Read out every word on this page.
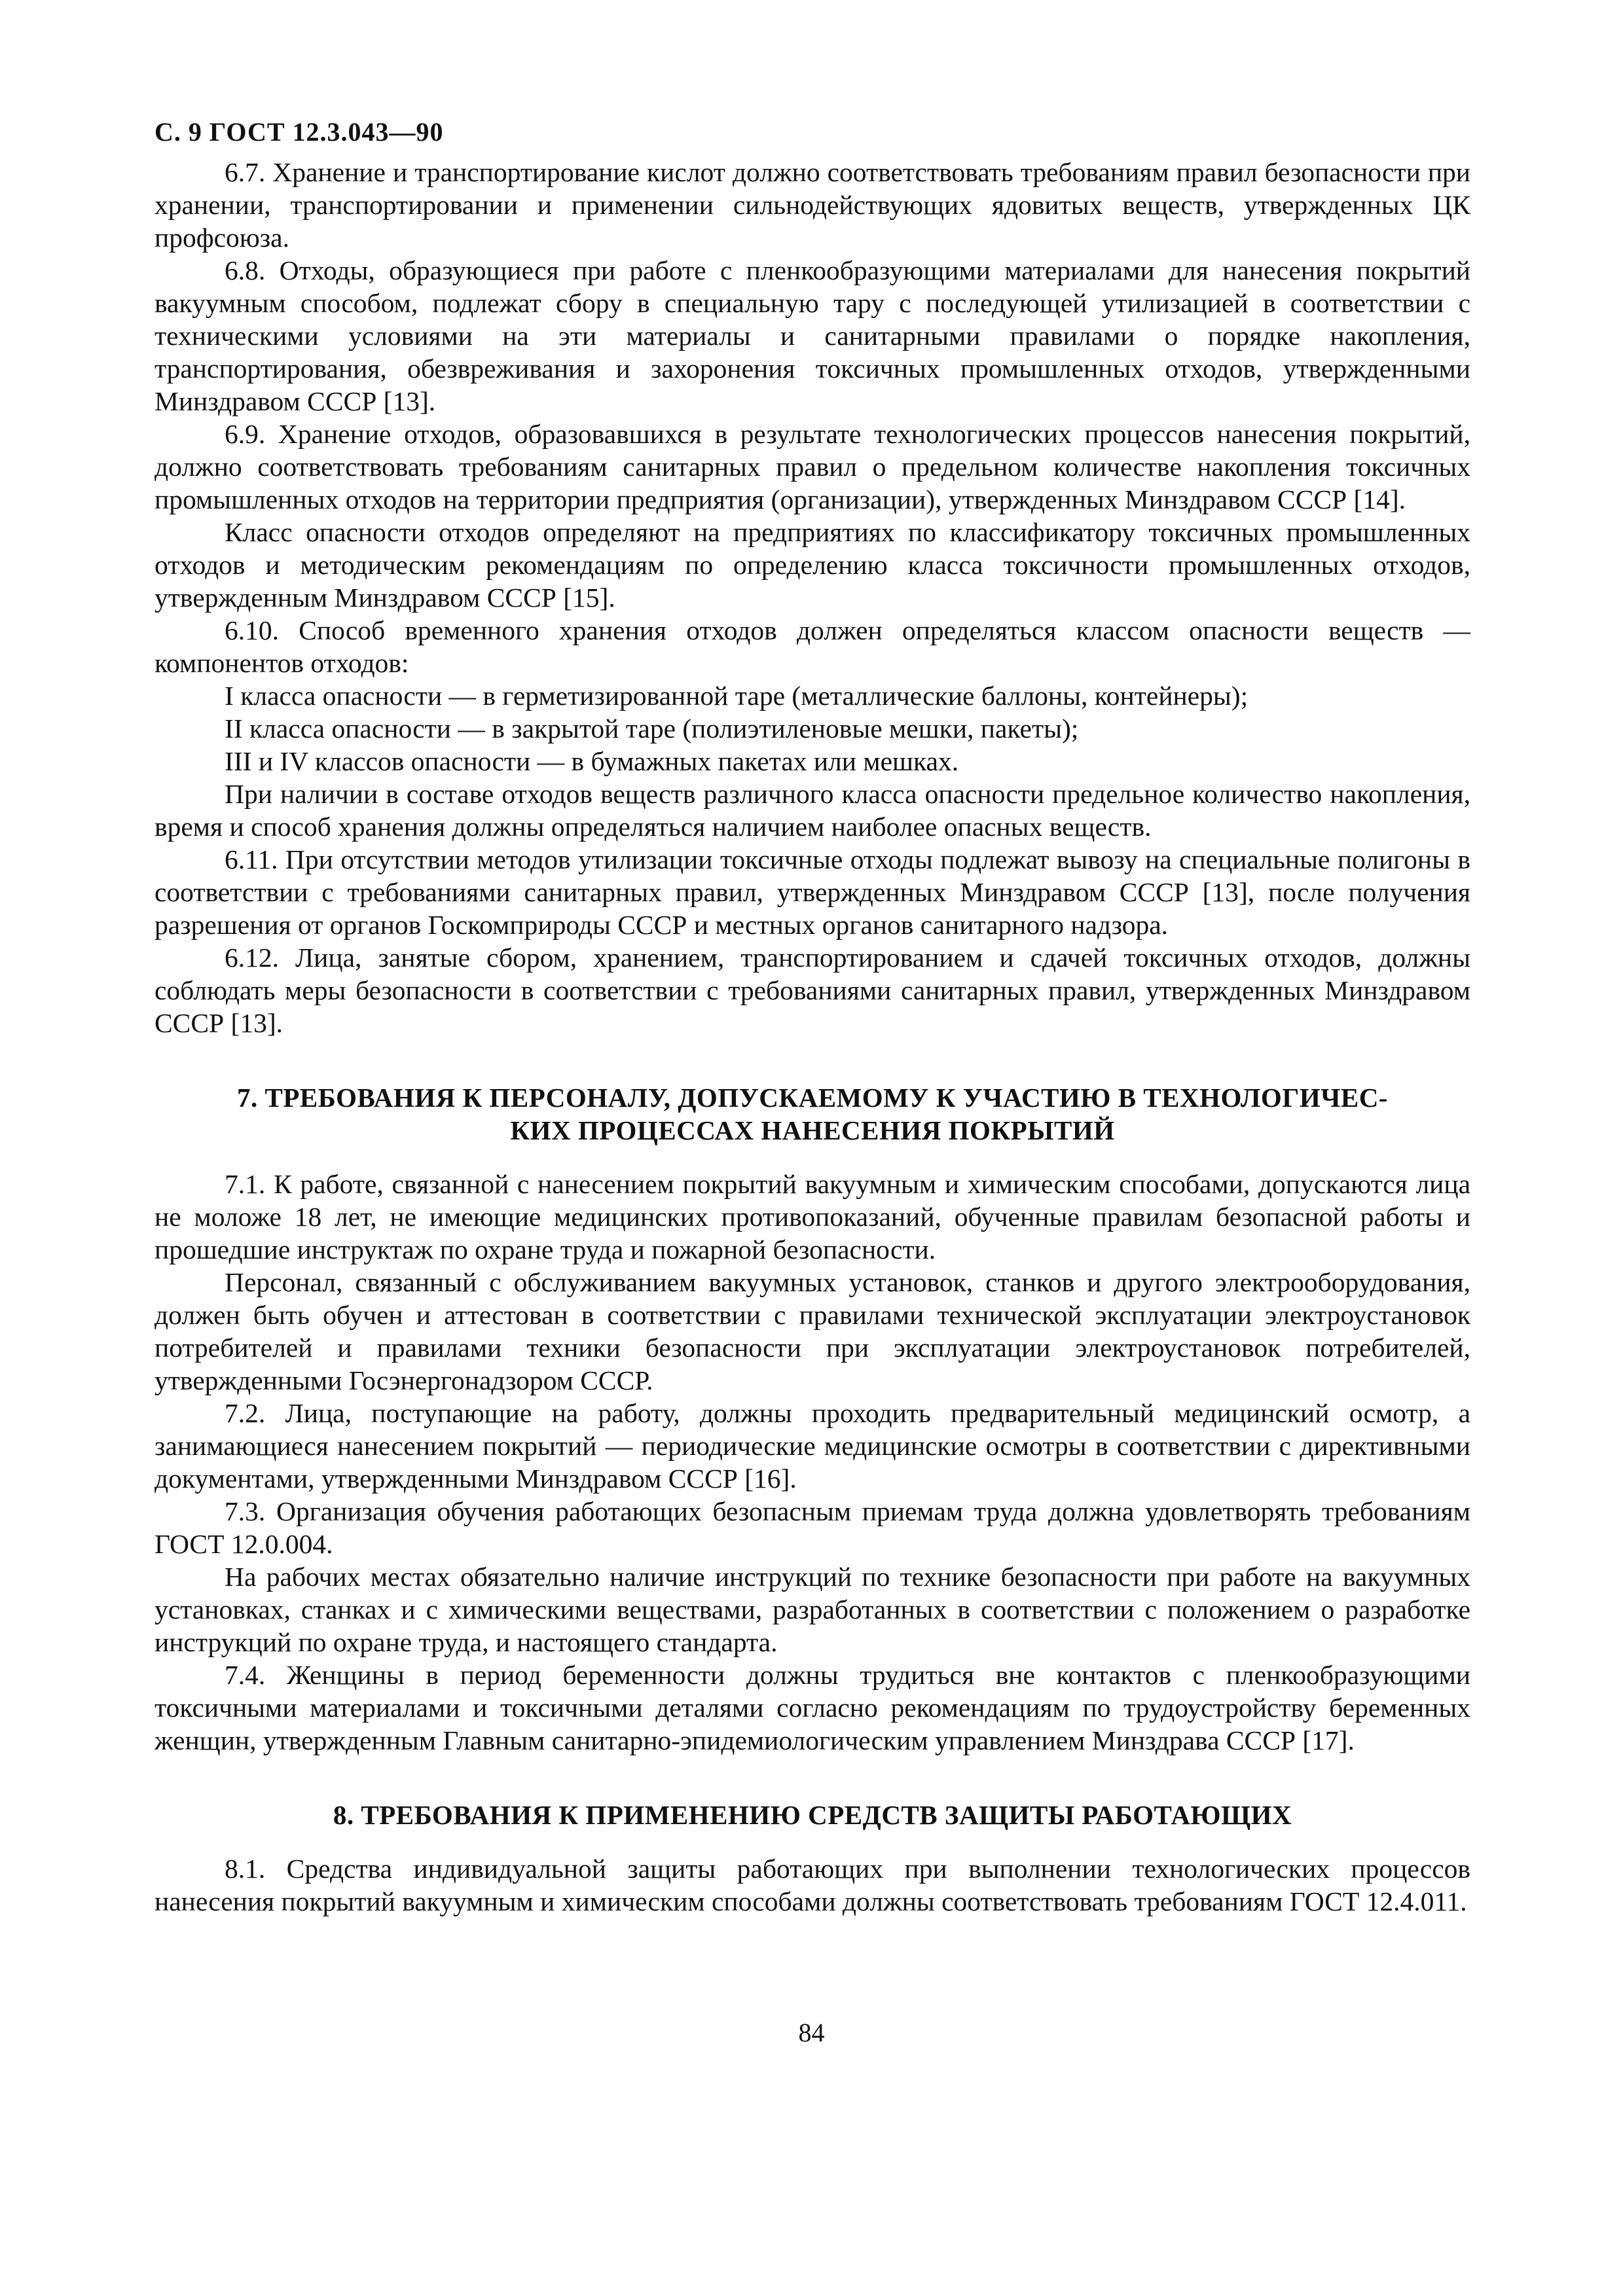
С. 9 ГОСТ 12.3.043—90

6.7. Хранение и транспортирование кислот должно соответствовать требованиям правил безопасности при хранении, транспортировании и применении сильнодействующих ядовитых веществ, утвержденных ЦК профсоюза.

6.8. Отходы, образующиеся при работе с пленкообразующими материалами для нанесения покрытий вакуумным способом, подлежат сбору в специальную тару с последующей утилизацией в соответствии с техническими условиями на эти материалы и санитарными правилами о порядке накопления, транспортирования, обезвреживания и захоронения токсичных промышленных отходов, утвержденными Минздравом СССР [13].

6.9. Хранение отходов, образовавшихся в результате технологических процессов нанесения покрытий, должно соответствовать требованиям санитарных правил о предельном количестве накопления токсичных промышленных отходов на территории предприятия (организации), утвержденных Минздравом СССР [14].

Класс опасности отходов определяют на предприятиях по классификатору токсичных промышленных отходов и методическим рекомендациям по определению класса токсичности промышленных отходов, утвержденным Минздравом СССР [15].

6.10. Способ временного хранения отходов должен определяться классом опасности веществ — компонентов отходов:

I класса опасности — в герметизированной таре (металлические баллоны, контейнеры);

II класса опасности — в закрытой таре (полиэтиленовые мешки, пакеты);

III и IV классов опасности — в бумажных пакетах или мешках.

При наличии в составе отходов веществ различного класса опасности предельное количество накопления, время и способ хранения должны определяться наличием наиболее опасных веществ.

6.11. При отсутствии методов утилизации токсичные отходы подлежат вывозу на специальные полигоны в соответствии с требованиями санитарных правил, утвержденных Минздравом СССР [13], после получения разрешения от органов Госкомприроды СССР и местных органов санитарного надзора.

6.12. Лица, занятые сбором, хранением, транспортированием и сдачей токсичных отходов, должны соблюдать меры безопасности в соответствии с требованиями санитарных правил, утвержденных Минздравом СССР [13].

7. ТРЕБОВАНИЯ К ПЕРСОНАЛУ, ДОПУСКАЕМОМУ К УЧАСТИЮ В ТЕХНОЛОГИЧЕС-
КИХ ПРОЦЕССАХ НАНЕСЕНИЯ ПОКРЫТИЙ

7.1. К работе, связанной с нанесением покрытий вакуумным и химическим способами, допускаются лица не моложе 18 лет, не имеющие медицинских противопоказаний, обученные правилам безопасной работы и прошедшие инструктаж по охране труда и пожарной безопасности.

Персонал, связанный с обслуживанием вакуумных установок, станков и другого электрооборудования, должен быть обучен и аттестован в соответствии с правилами технической эксплуатации электроустановок потребителей и правилами техники безопасности при эксплуатации электроустановок потребителей, утвержденными Госэнергонадзором СССР.

7.2. Лица, поступающие на работу, должны проходить предварительный медицинский осмотр, а занимающиеся нанесением покрытий — периодические медицинские осмотры в соответствии с директивными документами, утвержденными Минздравом СССР [16].

7.3. Организация обучения работающих безопасным приемам труда должна удовлетворять требованиям ГОСТ 12.0.004.

На рабочих местах обязательно наличие инструкций по технике безопасности при работе на вакуумных установках, станках и с химическими веществами, разработанных в соответствии с положением о разработке инструкций по охране труда, и настоящего стандарта.

7.4. Женщины в период беременности должны трудиться вне контактов с пленкообразующими токсичными материалами и токсичными деталями согласно рекомендациям по трудоустройству беременных женщин, утвержденным Главным санитарно-эпидемиологическим управлением Минздрава СССР [17].

8. ТРЕБОВАНИЯ К ПРИМЕНЕНИЮ СРЕДСТВ ЗАЩИТЫ РАБОТАЮЩИХ

8.1. Средства индивидуальной защиты работающих при выполнении технологических процессов нанесения покрытий вакуумным и химическим способами должны соответствовать требованиям ГОСТ 12.4.011.

84
